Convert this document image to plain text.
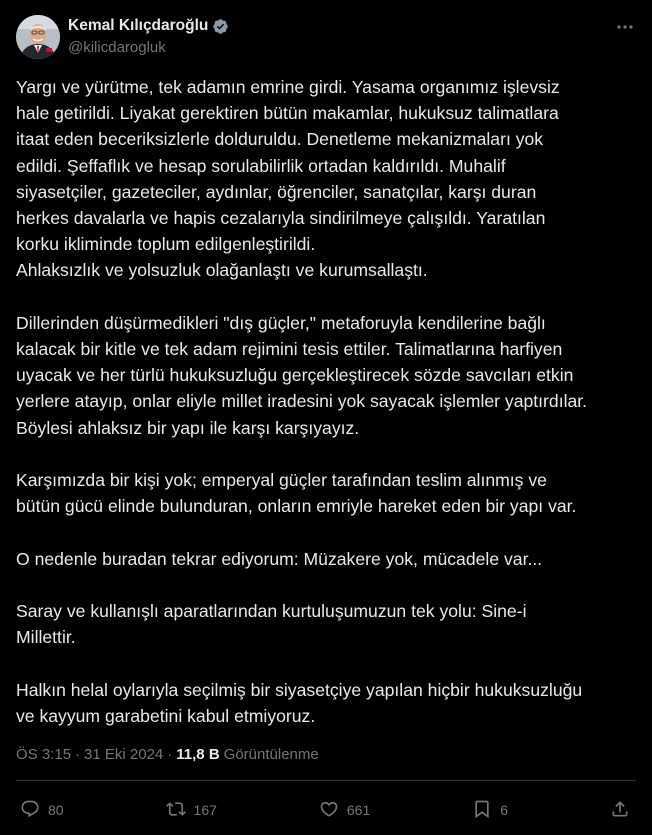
Kemal Kılıçdaroğlu
@kilicdarogluk

Yargı ve yürütme, tek adamın emrine girdi. Yasama organımız işlevsiz

hale getirildi. Liyakat gerektiren bütün makamlar, hukuksuz talimatlara

itaat eden beceriksizlerle dolduruldu. Denetleme mekanizmaları yok

edildi. Şeffaflık ve hesap sorulabilirlik ortadan kaldırıldı. Muhalif

siyasetçiler, gazeteciler, aydınlar, öğrenciler, sanatçılar, karşı duran

herkes davalarla ve hapis cezalarıyla sindirilmeye çalışıldı. Yaratılan

korku ikliminde toplum edilgenleştirildi.

Ahlaksızlık ve yolsuzluk olağanlaştı ve kurumsallaştı.

Dillerinden düşürmedikleri "dış güçler," metaforuyla kendilerine bağlı

kalacak bir kitle ve tek adam rejimini tesis ettiler. Talimatlarına harfiyen

uyacak ve her türlü hukuksuzluğu gerçekleştirecek sözde savcıları etkin

yerlere atayıp, onlar eliyle millet iradesini yok sayacak işlemler yaptırdılar.

Böylesi ahlaksız bir yapı ile karşı karşıyayız.

Karşımızda bir kişi yok; emperyal güçler tarafından teslim alınmış ve

bütün gücü elinde bulunduran, onların emriyle hareket eden bir yapı var.

O nedenle buradan tekrar ediyorum: Müzakere yok, mücadele var...

Saray ve kullanışlı aparatlarından kurtuluşumuzun tek yolu: Sine-i

Millettir.

Halkın helal oylarıyla seçilmiş bir siyasetçiye yapılan hiçbir hukuksuzluğu

ve kayyum garabetini kabul etmiyoruz.

ÖS 3:15 · 31 Eki 2024 · 11,8 B Görüntülenme
80	167	661	6
